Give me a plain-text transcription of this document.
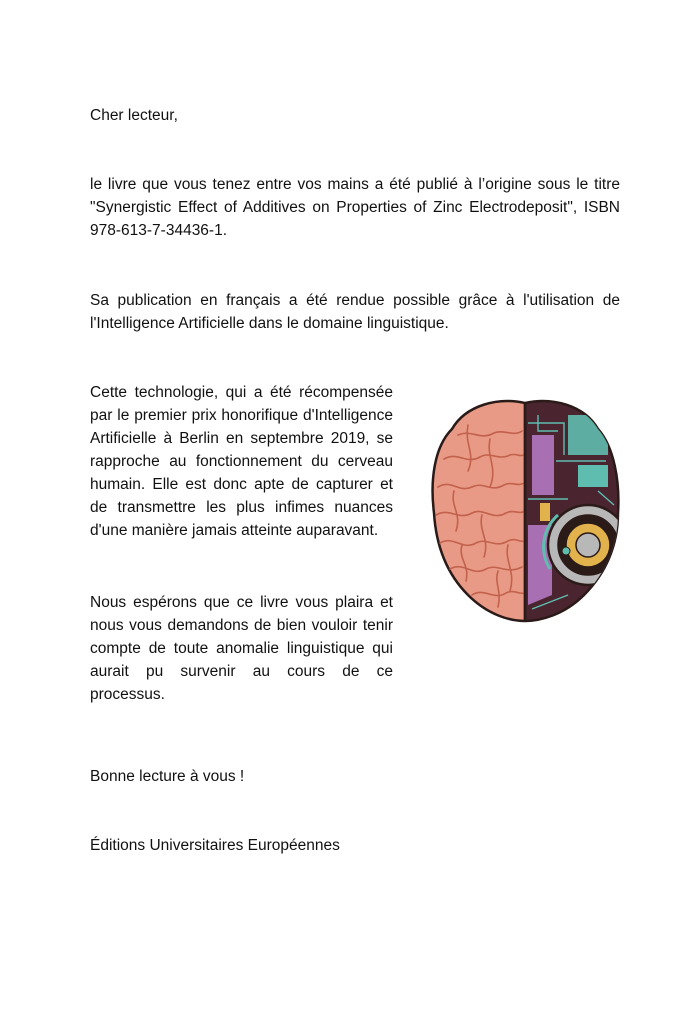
Cher lecteur,

le livre que vous tenez entre vos mains a été publié à l’origine sous le titre "Synergistic Effect of Additives on Properties of Zinc Electrodeposit", ISBN 978-613-7-34436-1.

Sa publication en français a été rendue possible grâce à l'utilisation de l'Intelligence Artificielle dans le domaine linguistique.

Cette technologie, qui a été récompensée par le premier prix honorifique d'Intelligence Artificielle à Berlin en septembre 2019, se rapproche au fonctionnement du cerveau humain. Elle est donc apte de capturer et de transmettre les plus infimes nuances d'une manière jamais atteinte auparavant.

Nous espérons que ce livre vous plaira et nous vous demandons de bien vouloir tenir compte de toute anomalie linguistique qui aurait pu survenir au cours de ce processus.

Bonne lecture à vous !

Éditions Universitaires Européennes
